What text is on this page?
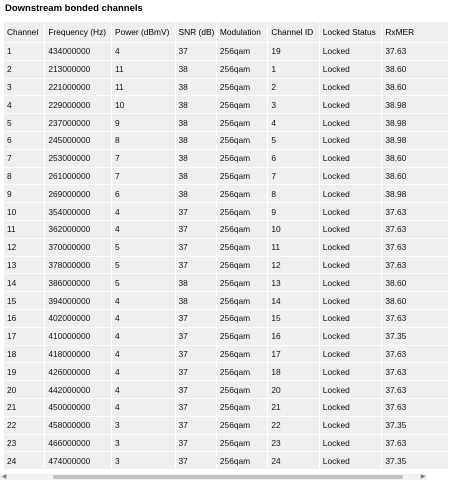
Downstream bonded channels
Channel	Frequency (Hz)	Power (dBmV)	SNR (dB)	Modulation	Channel ID	Locked Status	RxMER
1	434000000	4	37	256qam	19	Locked	37.63
2	213000000	11	38	256qam	1	Locked	38.60
3	221000000	11	38	256qam	2	Locked	38.60
4	229000000	10	38	256qam	3	Locked	38.98
5	237000000	9	38	256qam	4	Locked	38.98
6	245000000	8	38	256qam	5	Locked	38.98
7	253000000	7	38	256qam	6	Locked	38.60
8	261000000	7	38	256qam	7	Locked	38.60
9	269000000	6	38	256qam	8	Locked	38.98
10	354000000	4	37	256qam	9	Locked	37.63
11	362000000	4	37	256qam	10	Locked	37.63
12	370000000	5	37	256qam	11	Locked	37.63
13	378000000	5	37	256qam	12	Locked	37.63
14	386000000	5	38	256qam	13	Locked	38.60
15	394000000	4	38	256qam	14	Locked	38.60
16	402000000	4	37	256qam	15	Locked	37.63
17	410000000	4	37	256qam	16	Locked	37.35
18	418000000	4	37	256qam	17	Locked	37.63
19	426000000	4	37	256qam	18	Locked	37.63
20	442000000	4	37	256qam	20	Locked	37.63
21	450000000	4	37	256qam	21	Locked	37.63
22	458000000	3	37	256qam	22	Locked	37.35
23	466000000	3	37	256qam	23	Locked	37.63
24	474000000	3	37	256qam	24	Locked	37.35
◀	▶
